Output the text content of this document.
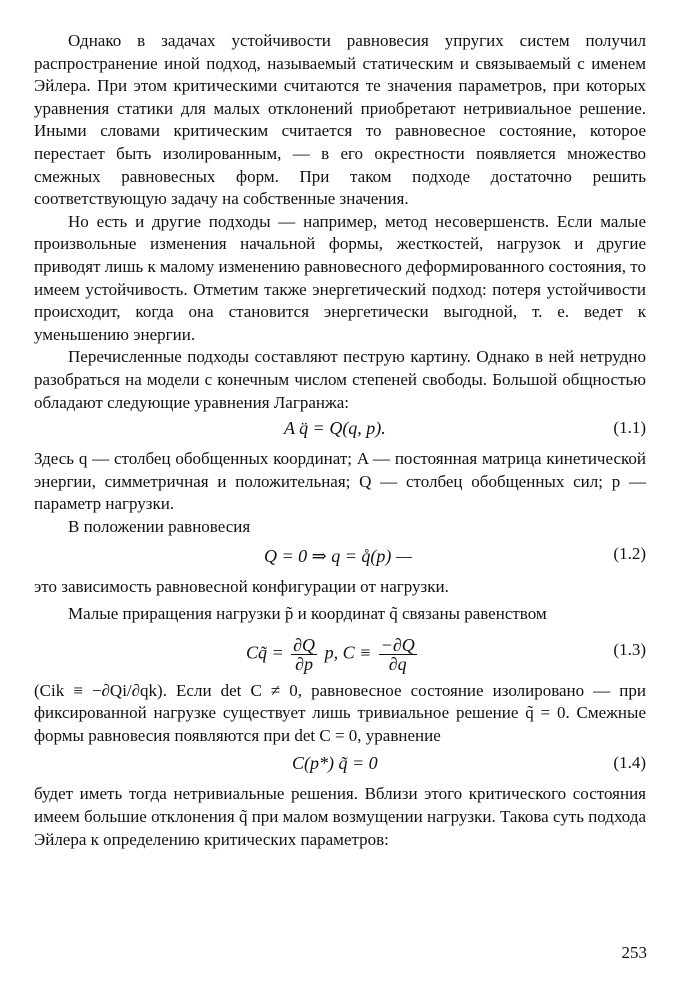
Однако в задачах устойчивости равновесия упругих систем получил распространение иной подход, называемый статическим и связываемый с именем Эйлера. При этом критическими считаются те значения параметров, при которых уравнения статики для малых отклонений приобретают нетривиальное решение. Иными словами критическим считается то равновесное состояние, которое перестает быть изолированным, — в его окрестности появляется множество смежных равновесных форм. При таком подходе достаточно решить соответствующую задачу на собственные значения.

Но есть и другие подходы — например, метод несовершенств. Если малые произвольные изменения начальной формы, жесткостей, нагрузок и другие приводят лишь к малому изменению равновесного деформированного состояния, то имеем устойчивость. Отметим также энергетический подход: потеря устойчивости происходит, когда она становится энергетически выгодной, т. е. ведет к уменьшению энергии.

Перечисленные подходы составляют пеструю картину. Однако в ней нетрудно разобраться на модели с конечным числом степеней свободы. Большой общностью обладают следующие уравнения Лагранжа:

A q̈ = Q(q, p).	(1.1)

Здесь q — столбец обобщенных координат; A — постоянная матрица кинетической энергии, симметричная и положительная; Q — столбец обобщенных сил; p — параметр нагрузки.

В положении равновесия

Q = 0 ⇒ q = q̊(p) —	(1.2)

это зависимость равновесной конфигурации от нагрузки.

Малые приращения нагрузки p̃ и координат q̃ связаны равенством

Cq̃ = $\frac{\partial Q}{\partial p} p$, $C \equiv \frac{-\partial Q}{\partial q}$	(1.3)

(Cik ≡ −∂Qi/∂qk). Если det C ≠ 0, равновесное состояние изолировано — при фиксированной нагрузке существует лишь тривиальное решение q̃ = 0. Смежные формы равновесия появляются при det C = 0, уравнение

C(p*) q̃ = 0	(1.4)

будет иметь тогда нетривиальные решения. Вблизи этого критического состояния имеем большие отклонения q̃ при малом возмущении нагрузки. Такова суть подхода Эйлера к определению критических параметров:

253
